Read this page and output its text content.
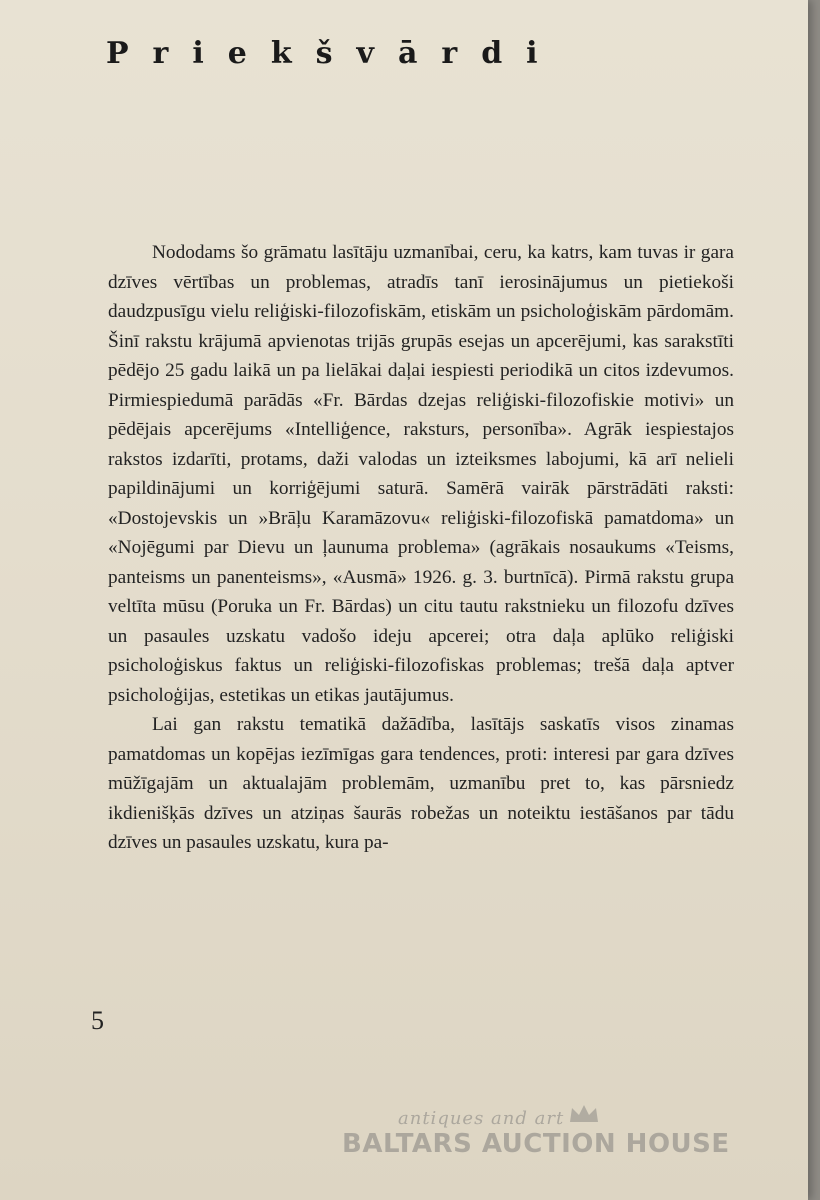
Priekšvārdi

Nododams šo grāmatu lasītāju uzmanībai, ceru, ka katrs, kam tuvas ir gara dzīves vērtības un problemas, atradīs tanī ierosinājumus un pietiekoši daudzpusīgu vielu reliģiski-filozofiskām, etiskām un psicholoģiskām pārdomām. Šinī rakstu krājumā apvienotas trijās grupās esejas un apcerējumi, kas sarakstīti pēdējo 25 gadu laikā un pa lielākai daļai iespiesti periodikā un citos izdevumos. Pirmiespiedumā parādās «Fr. Bārdas dzejas reliģiski-filozofiskie motivi» un pēdējais apcerējums «Intelliģence, raksturs, personība». Agrāk iespiestajos rakstos izdarīti, protams, daži valodas un izteiksmes labojumi, kā arī nelieli papildinājumi un korriģējumi saturā. Samērā vairāk pārstrādāti raksti: «Dostojevskis un »Brāļu Karamāzovu« reliģiski-filozofiskā pamatdoma» un «Nojēgumi par Dievu un ļaunuma problema» (agrākais nosaukums «Teisms, panteisms un panenteisms», «Ausmā» 1926. g. 3. burtnīcā). Pirmā rakstu grupa veltīta mūsu (Poruka un Fr. Bārdas) un citu tautu rakstnieku un filozofu dzīves un pasaules uzskatu vadošo ideju apcerei; otra daļa aplūko reliģiski psicholoģiskus faktus un reliģiski-filozofiskas problemas; trešā daļa aptver psicholoģijas, estetikas un etikas jautājumus.

Lai gan rakstu tematikā dažādība, lasītājs saskatīs visos zinamas pamatdomas un kopējas iezīmīgas gara tendences, proti: interesi par gara dzīves mūžīgajām un aktualajām problemām, uzmanību pret to, kas pārsniedz ikdienišķās dzīves un atziņas šaurās robežas un noteiktu iestāšanos par tādu dzīves un pasaules uzskatu, kura pa-

5
antiques and art
BALTARS AUCTION HOUSE
